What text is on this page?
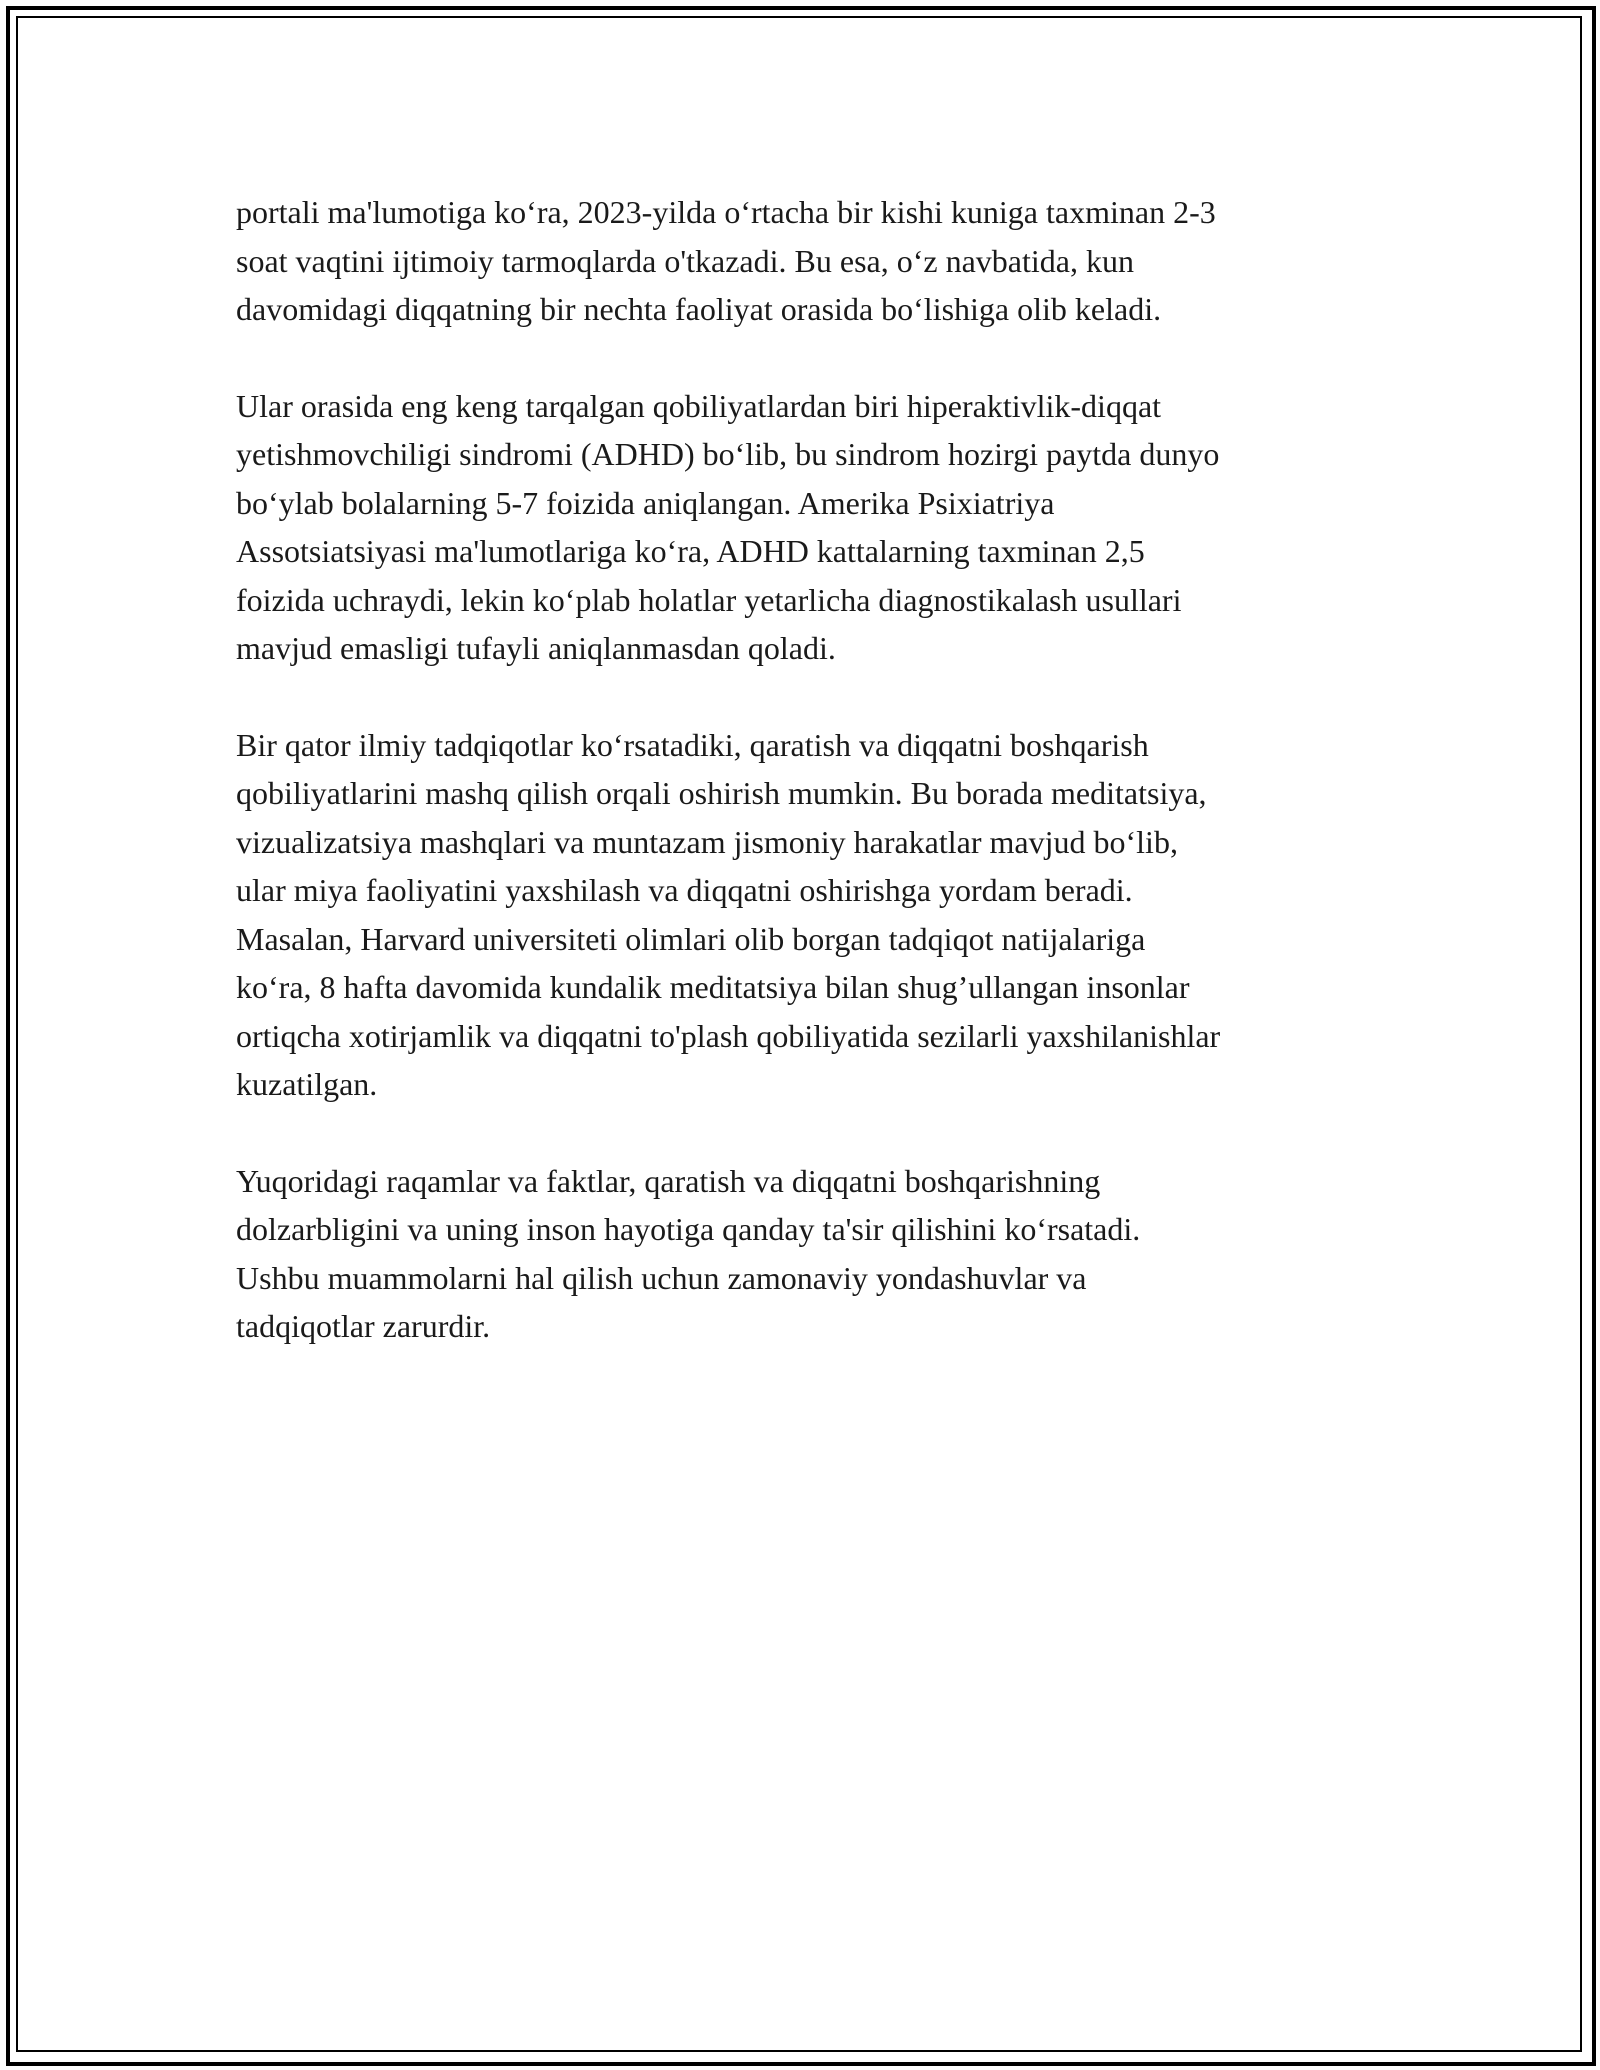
portali ma'lumotiga ko‘ra, 2023-yilda o‘rtacha bir kishi kuniga taxminan 2-3
soat vaqtini ijtimoiy tarmoqlarda o'tkazadi. Bu esa, o‘z navbatida, kun
davomidagi diqqatning bir nechta faoliyat orasida bo‘lishiga olib keladi.

Ular orasida eng keng tarqalgan qobiliyatlardan biri hiperaktivlik-diqqat
yetishmovchiligi sindromi (ADHD) bo‘lib, bu sindrom hozirgi paytda dunyo
bo‘ylab bolalarning 5-7 foizida aniqlangan. Amerika Psixiatriya
Assotsiatsiyasi ma'lumotlariga ko‘ra, ADHD kattalarning taxminan 2,5
foizida uchraydi, lekin ko‘plab holatlar yetarlicha diagnostikalash usullari
mavjud emasligi tufayli aniqlanmasdan qoladi.

Bir qator ilmiy tadqiqotlar ko‘rsatadiki, qaratish va diqqatni boshqarish
qobiliyatlarini mashq qilish orqali oshirish mumkin. Bu borada meditatsiya,
vizualizatsiya mashqlari va muntazam jismoniy harakatlar mavjud bo‘lib,
ular miya faoliyatini yaxshilash va diqqatni oshirishga yordam beradi.
Masalan, Harvard universiteti olimlari olib borgan tadqiqot natijalariga
ko‘ra, 8 hafta davomida kundalik meditatsiya bilan shug’ullangan insonlar
ortiqcha xotirjamlik va diqqatni to'plash qobiliyatida sezilarli yaxshilanishlar
kuzatilgan.

Yuqoridagi raqamlar va faktlar, qaratish va diqqatni boshqarishning
dolzarbligini va uning inson hayotiga qanday ta'sir qilishini ko‘rsatadi.
Ushbu muammolarni hal qilish uchun zamonaviy yondashuvlar va
tadqiqotlar zarurdir.
